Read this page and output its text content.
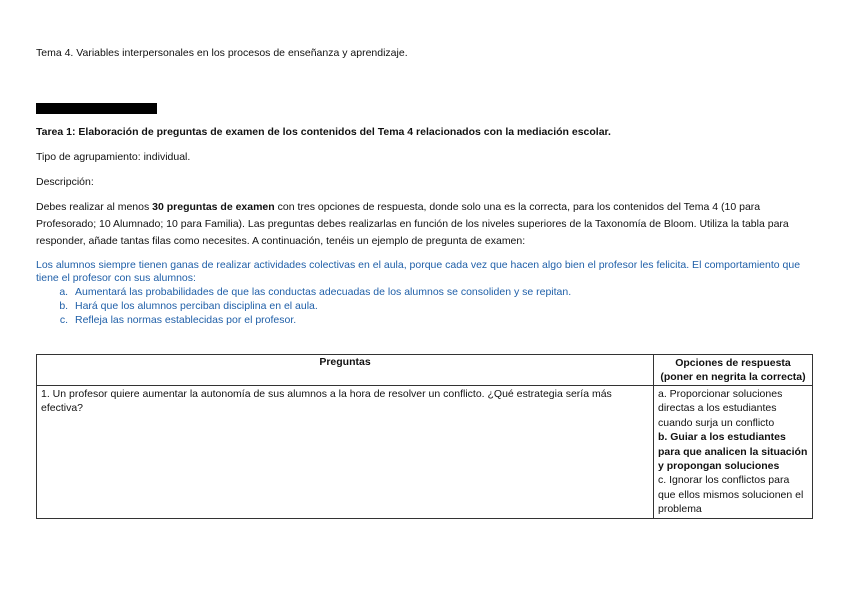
Tema 4. Variables interpersonales en los procesos de enseñanza y aprendizaje.
Tarea 1: Elaboración de preguntas de examen de los contenidos del Tema 4 relacionados con la mediación escolar.
Tipo de agrupamiento: individual.
Descripción:
Debes realizar al menos 30 preguntas de examen con tres opciones de respuesta, donde solo una es la correcta, para los contenidos del Tema 4 (10 para Profesorado; 10 Alumnado; 10 para Familia). Las preguntas debes realizarlas en función de los niveles superiores de la Taxonomía de Bloom. Utiliza la tabla para responder, añade tantas filas como necesites. A continuación, tenéis un ejemplo de pregunta de examen:
Los alumnos siempre tienen ganas de realizar actividades colectivas en el aula, porque cada vez que hacen algo bien el profesor les felicita. El comportamiento que tiene el profesor con sus alumnos:
a. Aumentará las probabilidades de que las conductas adecuadas de los alumnos se consoliden y se repitan.
b. Hará que los alumnos perciban disciplina en el aula.
c. Refleja las normas establecidas por el profesor.
Preguntas	Opciones de respuesta (poner en negrita la correcta)
1. Un profesor quiere aumentar la autonomía de sus alumnos a la hora de resolver un conflicto. ¿Qué estrategia sería más efectiva?	a. Proporcionar soluciones directas a los estudiantes cuando surja un conflicto
b. Guiar a los estudiantes para que analicen la situación y propongan soluciones
c. Ignorar los conflictos para que ellos mismos solucionen el problema
